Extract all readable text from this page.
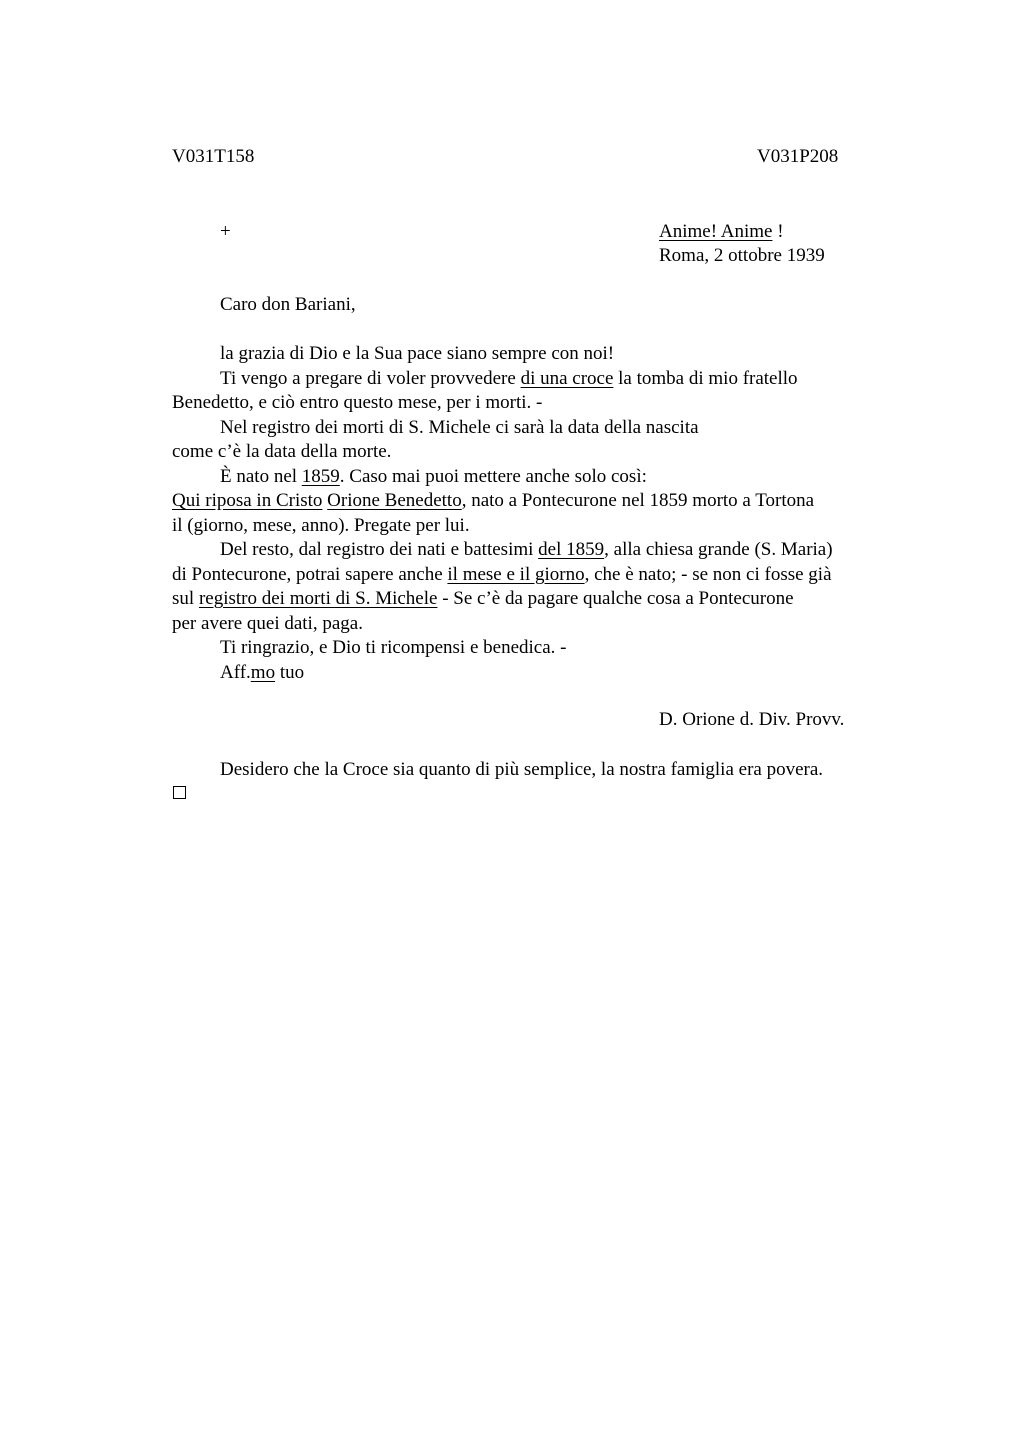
V031T158	V031P208
+	Anime! Anime !
Roma, 2 ottobre 1939
Caro don Bariani,
la grazia di Dio e la Sua pace siano sempre con noi!
Ti vengo a pregare di voler provvedere di una croce la tomba di mio fratello
Benedetto, e ciò entro questo mese, per i morti. -
Nel registro dei morti di S. Michele ci sarà la data della nascita
come c’è la data della morte.
È nato nel 1859. Caso mai puoi mettere anche solo così:
Qui riposa in Cristo Orione Benedetto, nato a Pontecurone nel 1859 morto a Tortona
il (giorno, mese, anno). Pregate per lui.
Del resto, dal registro dei nati e battesimi del 1859, alla chiesa grande (S. Maria)
di Pontecurone, potrai sapere anche il mese e il giorno, che è nato; - se non ci fosse già
sul registro dei morti di S. Michele - Se c’è da pagare qualche cosa a Pontecurone
per avere quei dati, paga.
Ti ringrazio, e Dio ti ricompensi e benedica. -
Aff.mo tuo
D. Orione d. Div. Provv.
Desidero che la Croce sia quanto di più semplice, la nostra famiglia era povera.
